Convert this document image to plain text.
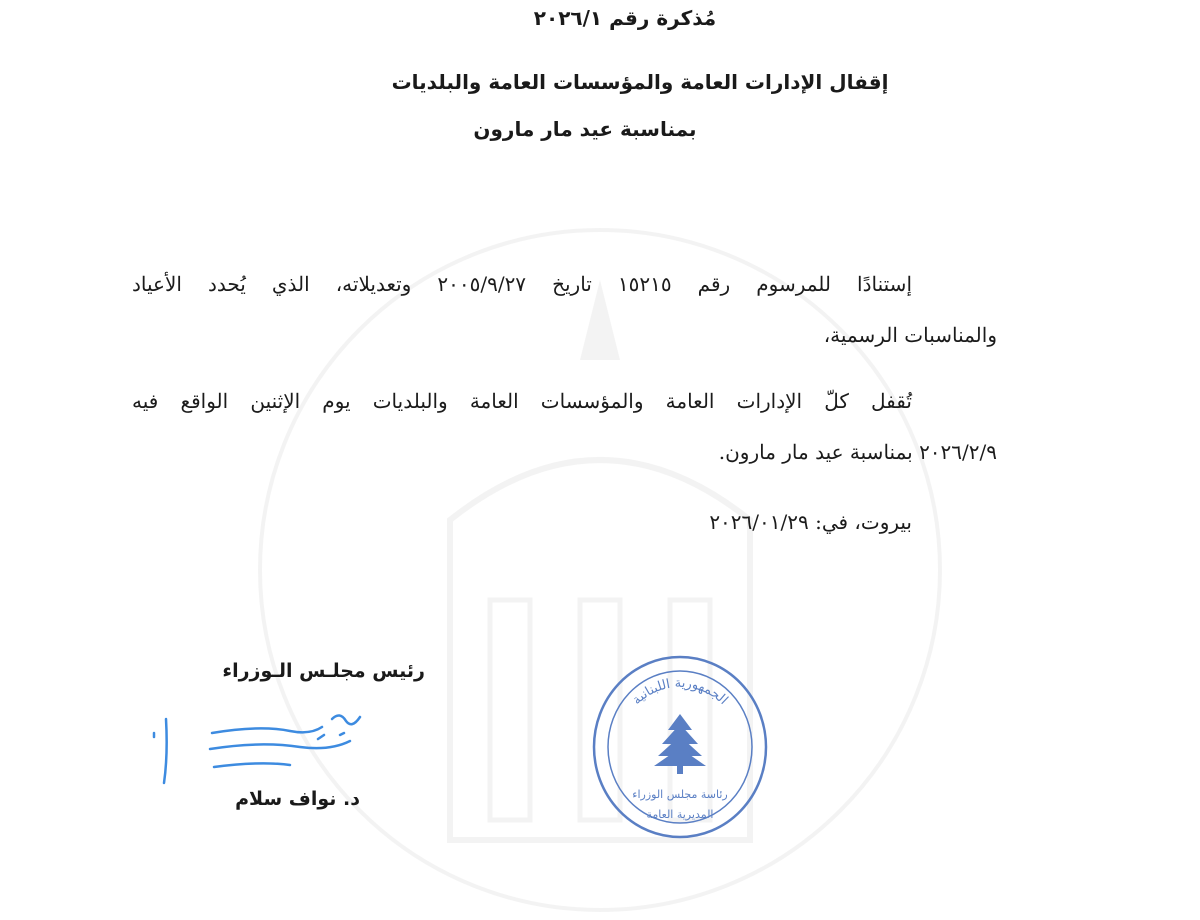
مُذكرة رقم ٢٠٢٦/١
إقفال الإدارات العامة والمؤسسات العامة والبلديات
بمناسبة عيد مار مارون
إستنادًا للمرسوم رقم ١٥٢١٥ تاريخ ٢٠٠٥/٩/٢٧ وتعديلاته، الذي يُحدد الأعياد
والمناسبات الرسمية،
تُقفل كلّ الإدارات العامة والمؤسسات العامة والبلديات يوم الإثنين الواقع فيه
٢٠٢٦/٢/٩ بمناسبة عيد مار مارون.
بيروت، في: ٢٠٢٦/٠١/٢٩
رئيس مجلـس الـوزراء
د. نواف سلام
الجمهورية اللبنانية
رئاسة مجلس الوزراء
المديرية العامة
